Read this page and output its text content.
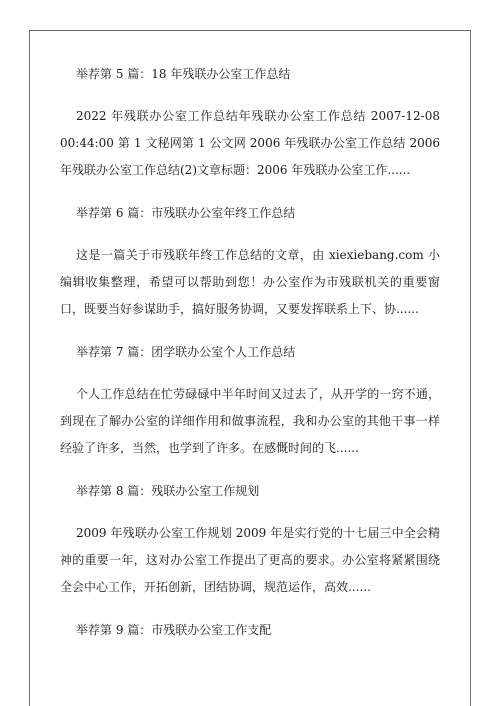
举荐第 5 篇：18 年残联办公室工作总结

2022 年残联办公室工作总结年残联办公室工作总结 2007-12-08 00:44:00 第 1 文秘网第 1 公文网 2006 年残联办公室工作总结 2006 年残联办公室工作总结(2)文章标题：2006 年残联办公室工作......

举荐第 6 篇：市残联办公室年终工作总结

这是一篇关于市残联年终工作总结的文章，由 xiexiebang.com 小编辑收集整理，希望可以帮助到您！办公室作为市残联机关的重要窗口，既要当好参谋助手，搞好服务协调，又要发挥联系上下、协......

举荐第 7 篇：团学联办公室个人工作总结

个人工作总结在忙劳碌碌中半年时间又过去了，从开学的一窍不通，到现在了解办公室的详细作用和做事流程，我和办公室的其他干事一样经验了许多，当然，也学到了许多。在感慨时间的飞......

举荐第 8 篇：残联办公室工作规划

2009 年残联办公室工作规划 2009 年是实行党的十七届三中全会精神的重要一年，这对办公室工作提出了更高的要求。办公室将紧紧围绕全会中心工作，开拓创新，团结协调，规范运作，高效......

举荐第 9 篇：市残联办公室工作支配
